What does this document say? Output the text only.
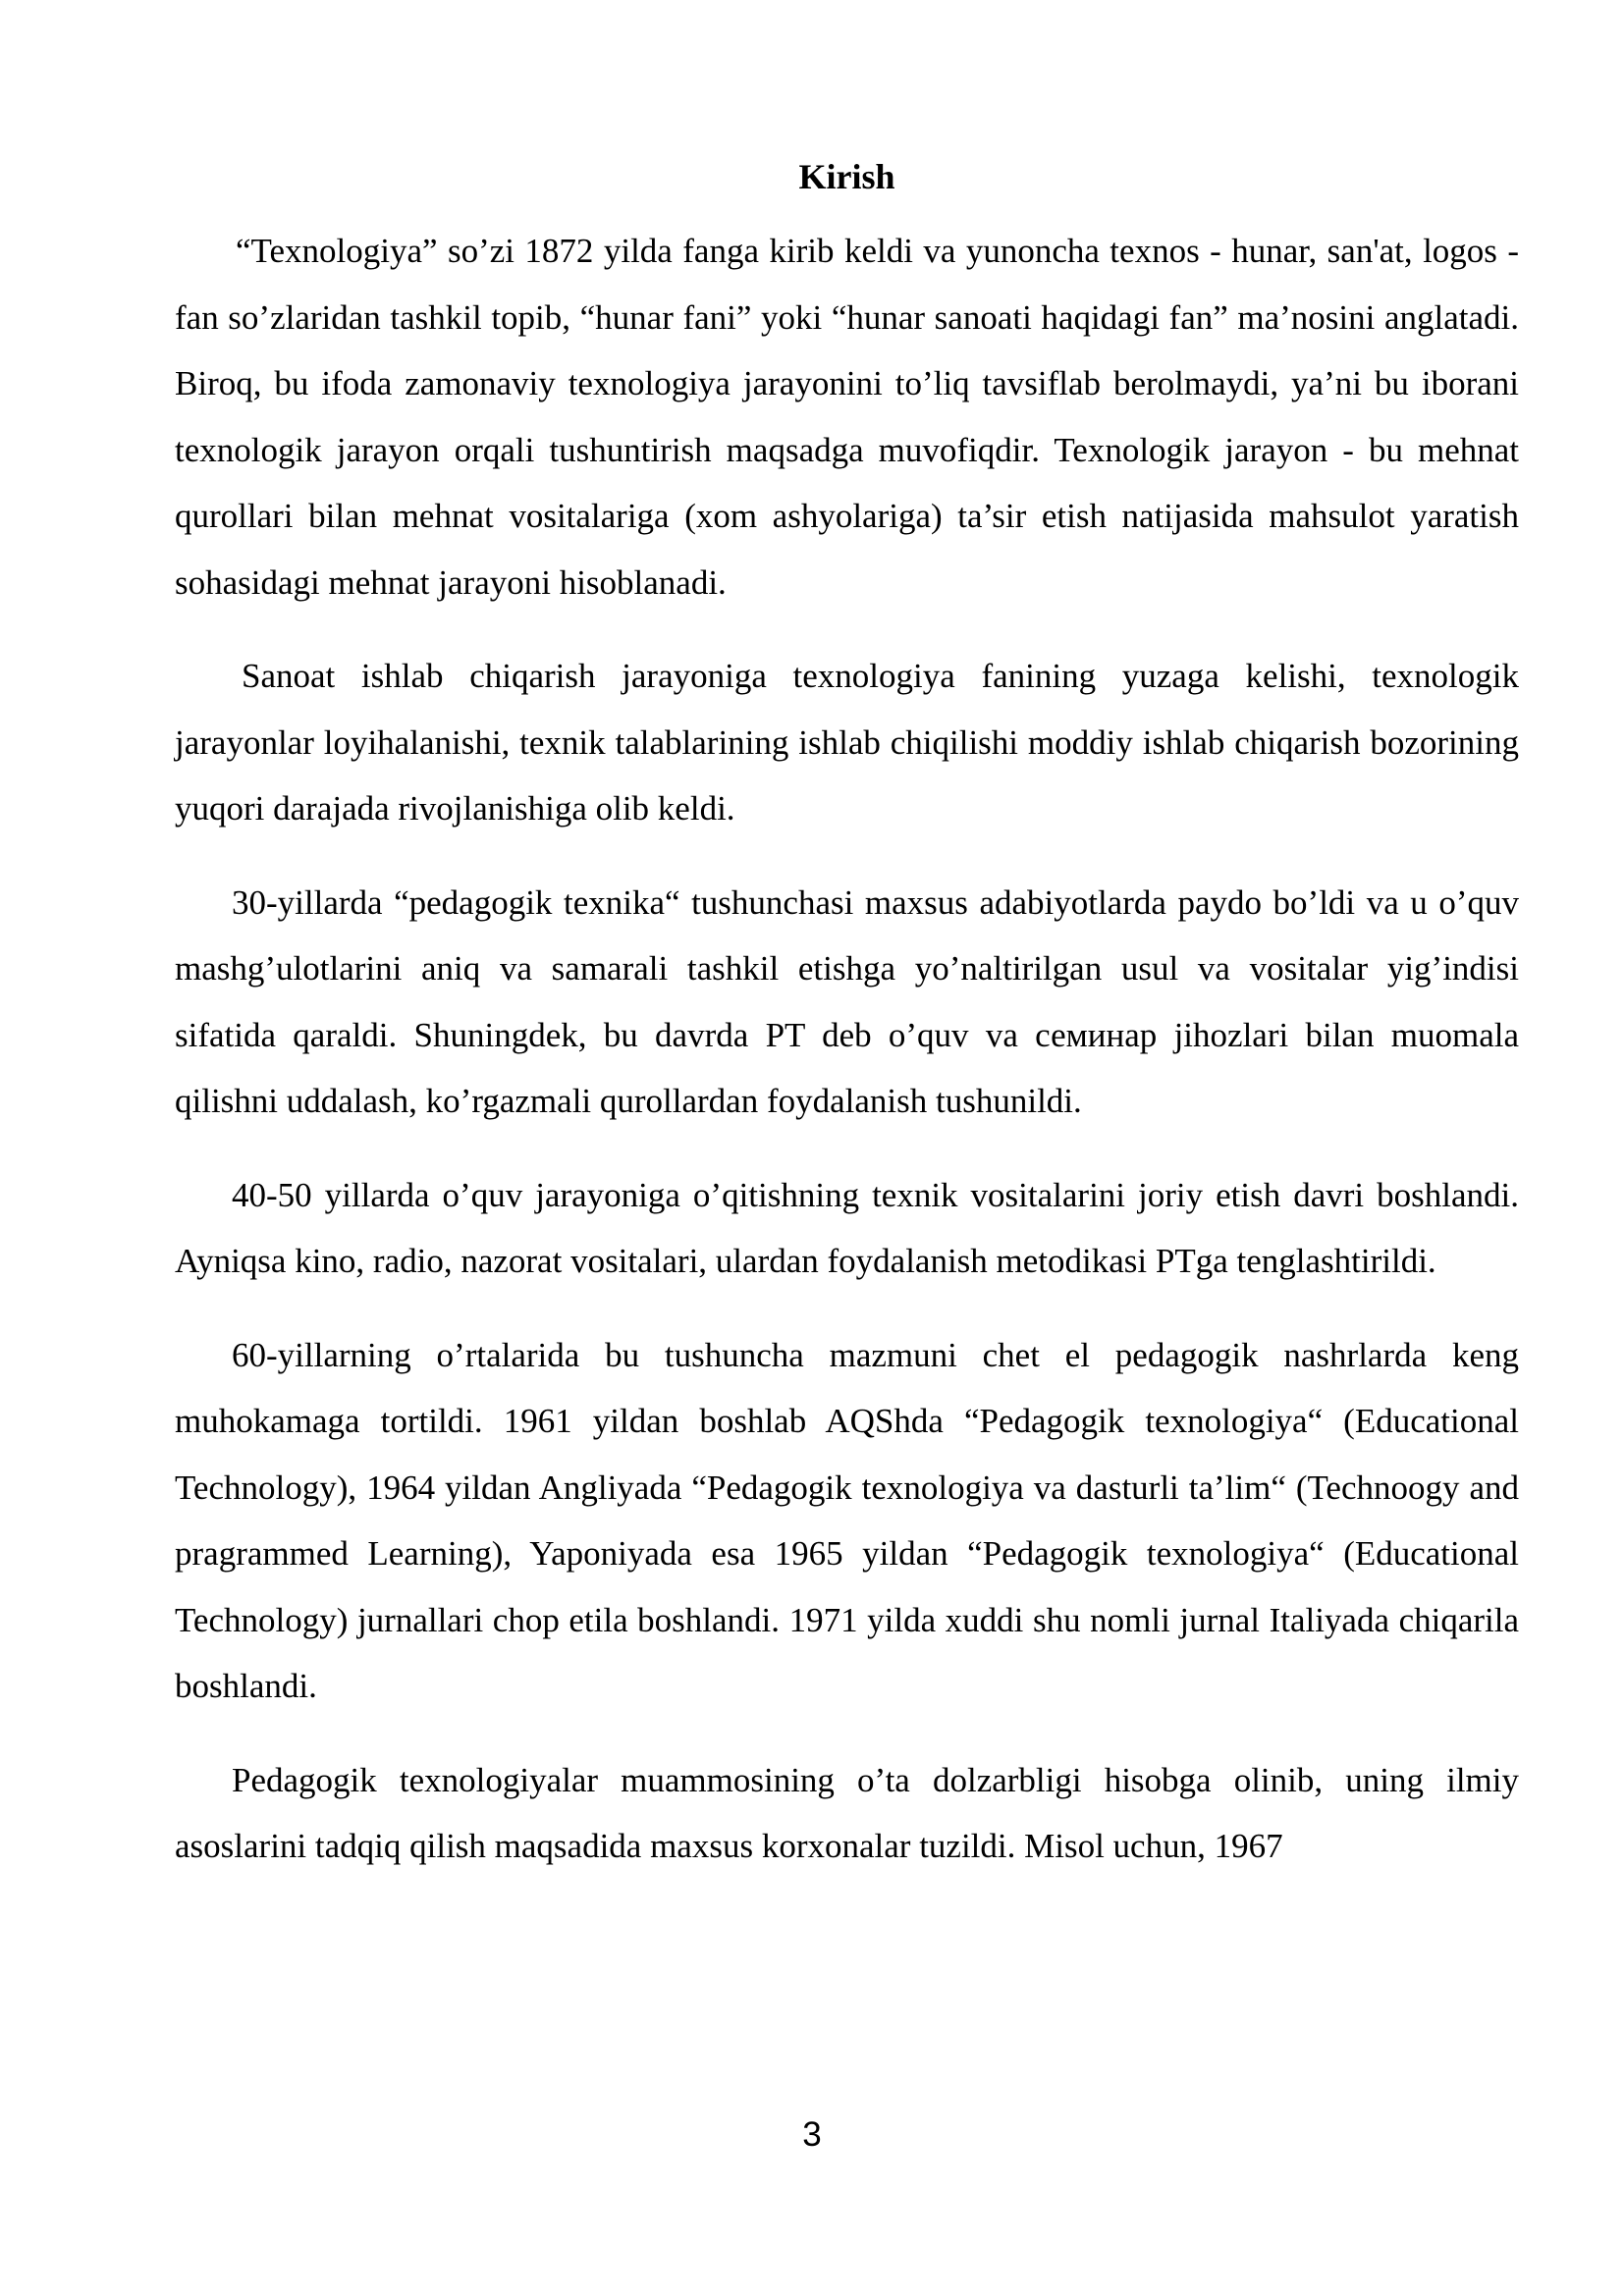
Kirish

“Texnologiya” so’zi 1872 yilda fanga kirib keldi va yunoncha texnos - hunar, san'at, logos - fan so’zlaridan tashkil topib, “hunar fani” yoki “hunar sanoati haqidagi fan” ma’nosini anglatadi. Biroq, bu ifoda zamonaviy texnologiya jarayonini to’liq tavsiflab berolmaydi, ya’ni bu iborani texnologik jarayon orqali tushuntirish maqsadga muvofiqdir. Texnologik jarayon - bu mehnat qurollari bilan mehnat vositalariga (xom ashyolariga) ta’sir etish natijasida mahsulot yaratish sohasidagi mehnat jarayoni hisoblanadi.

Sanoat ishlab chiqarish jarayoniga texnologiya fanining yuzaga kelishi, texnologik jarayonlar loyihalanishi, texnik talablarining ishlab chiqilishi moddiy ishlab chiqarish bozorining yuqori darajada rivojlanishiga olib keldi.

30-yillarda “pedagogik texnika“ tushunchasi maxsus adabiyotlarda paydo bo’ldi va u o’quv mashg’ulotlarini aniq va samarali tashkil etishga yo’naltirilgan usul va vositalar yig’indisi sifatida qaraldi. Shuningdek, bu davrda PT deb o’quv va семинар jihozlari bilan muomala qilishni uddalash, ko’rgazmali qurollardan foydalanish tushunildi.

40-50 yillarda o’quv jarayoniga o’qitishning texnik vositalarini joriy etish davri boshlandi. Ayniqsa kino, radio, nazorat vositalari, ulardan foydalanish metodikasi PTga tenglashtirildi.

60-yillarning o’rtalarida bu tushuncha mazmuni chet el pedagogik nashrlarda keng muhokamaga tortildi. 1961 yildan boshlab AQShda “Pedagogik texnologiya“ (Educational Technology), 1964 yildan Angliyada “Pedagogik texnologiya va dasturli ta’lim“ (Technoogy and pragrammed Learning), Yaponiyada esa 1965 yildan “Pedagogik texnologiya“ (Educational Technology) jurnallari chop etila boshlandi. 1971 yilda xuddi shu nomli jurnal Italiyada chiqarila boshlandi.

Pedagogik texnologiyalar muammosining o’ta dolzarbligi hisobga olinib, uning ilmiy asoslarini tadqiq qilish maqsadida maxsus korxonalar tuzildi. Misol uchun, 1967

3
